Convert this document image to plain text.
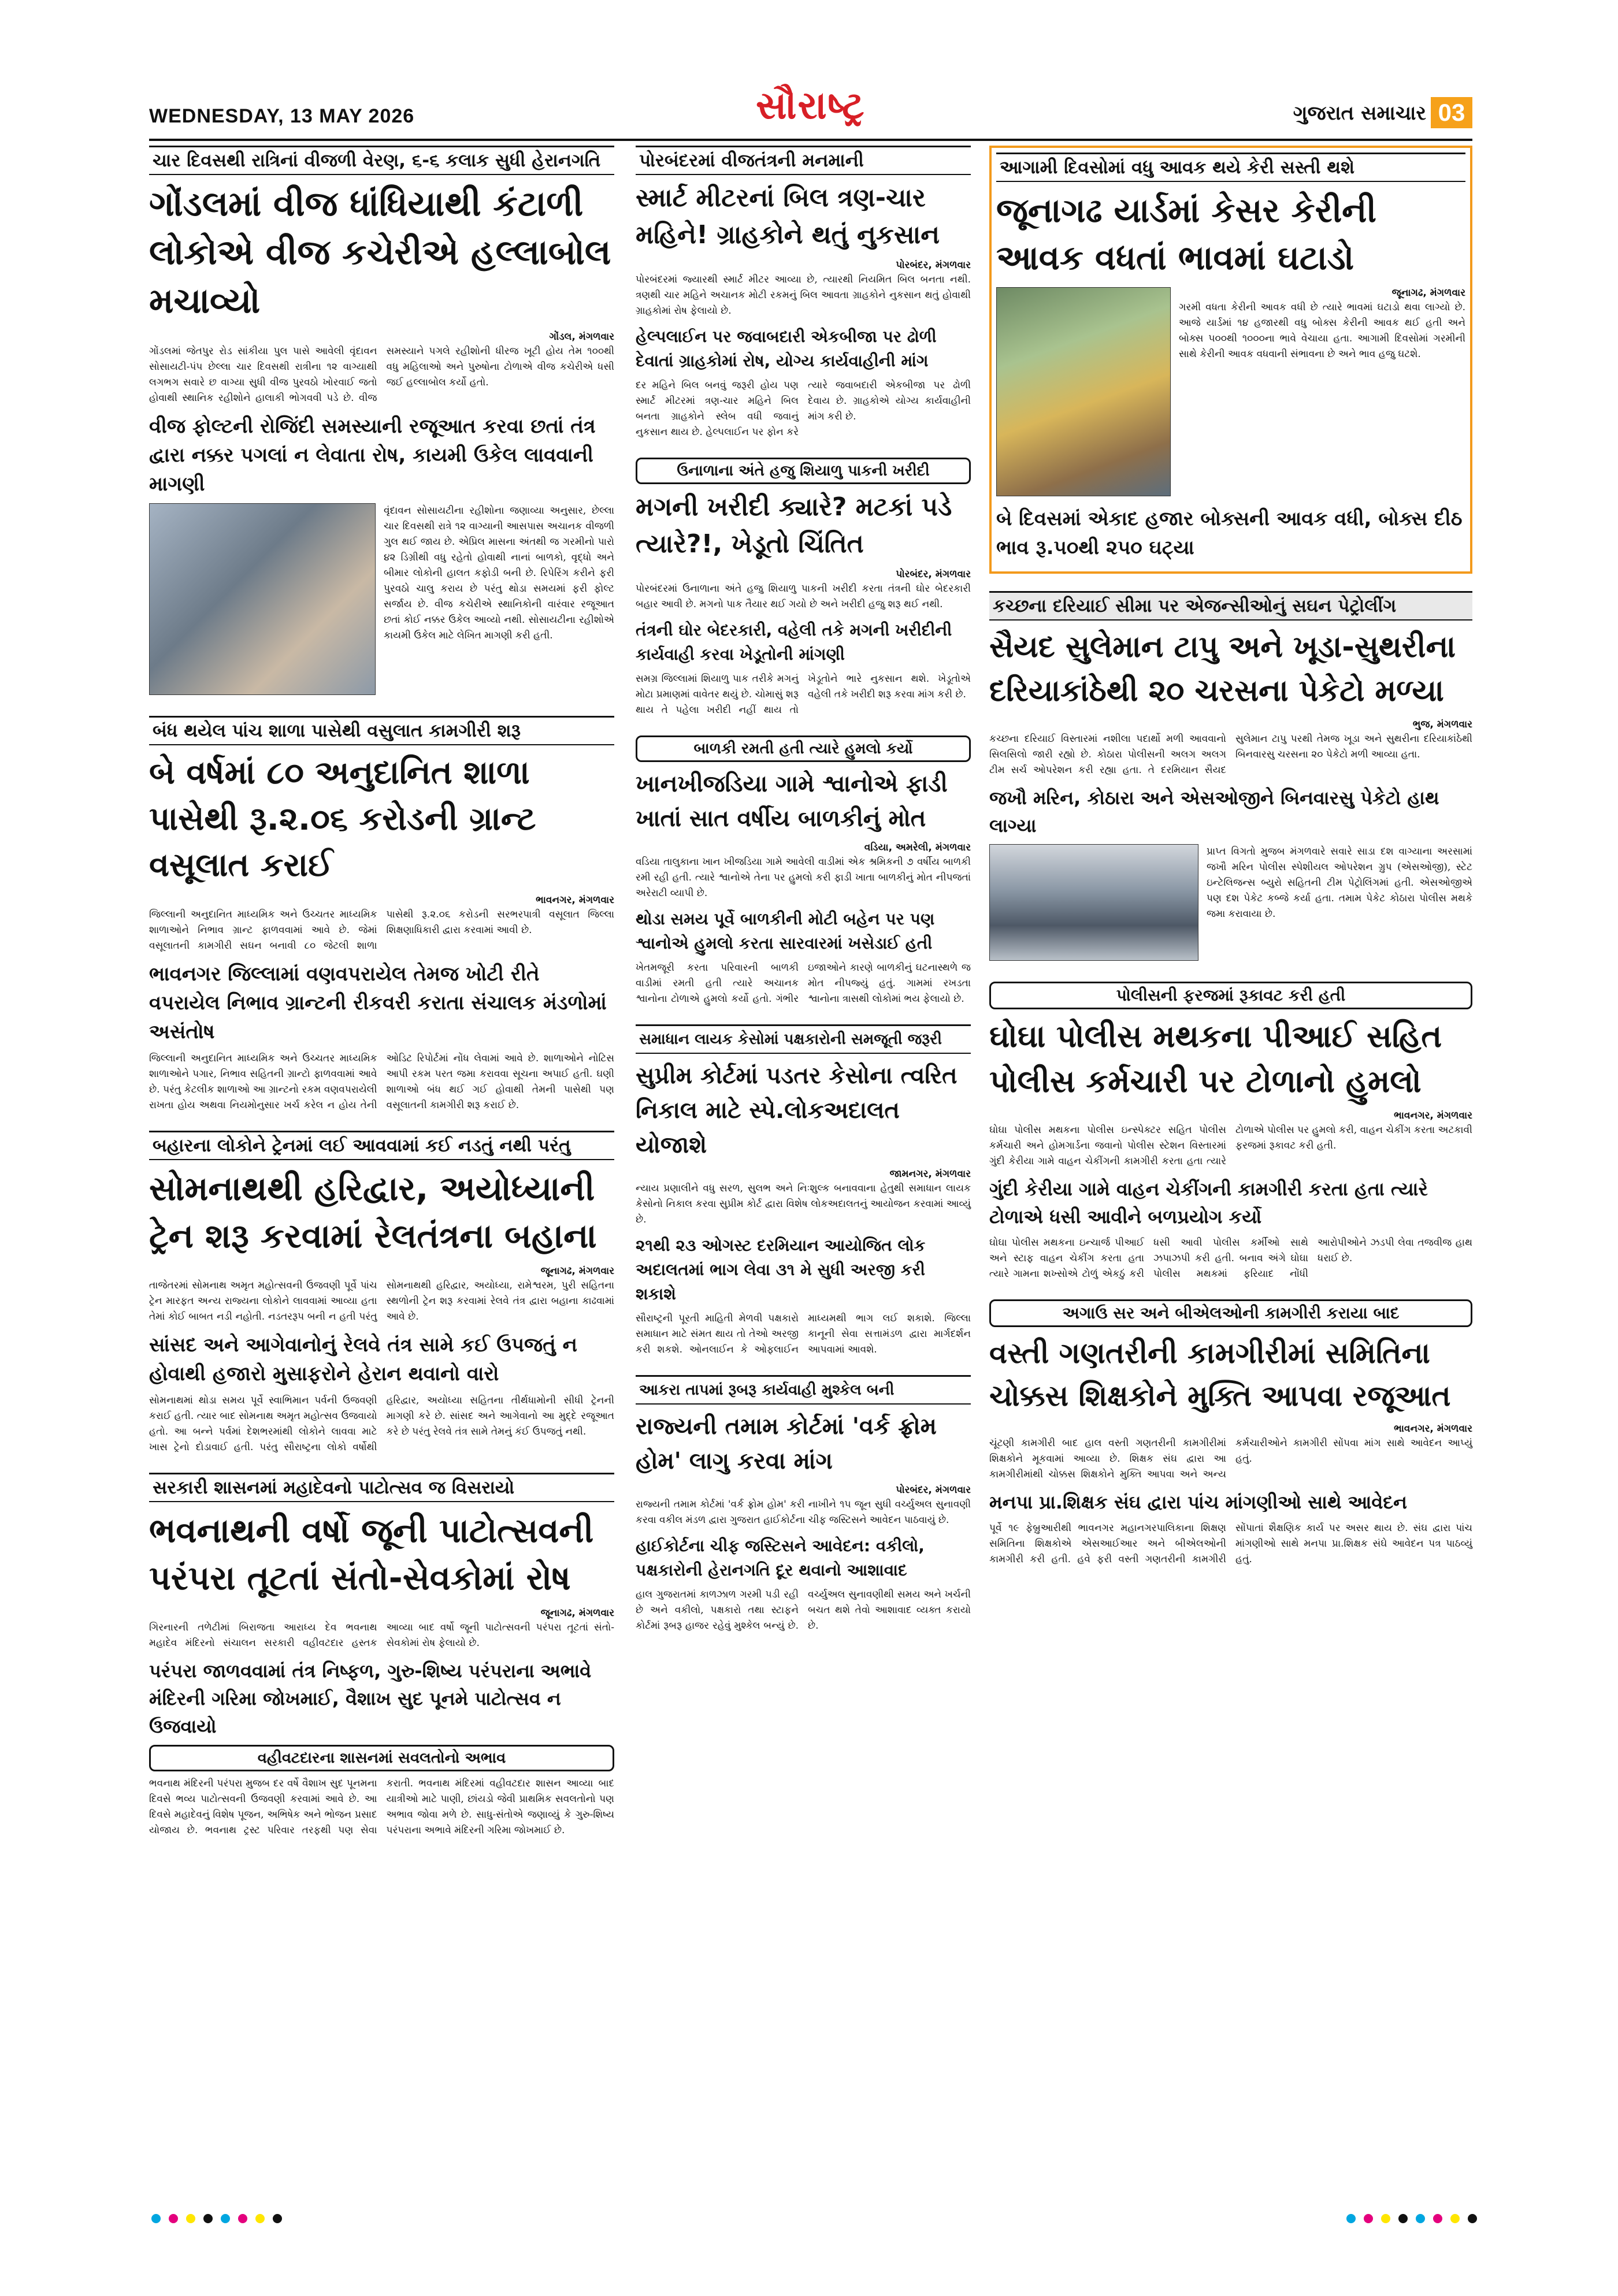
WEDNESDAY, 13 MAY 2026	સૌરાષ્ટ્ર	ગુજરાત સમાચાર 03
ચાર દિવસથી રાત્રિનાં વીજળી વેરણ, ૬-૬ કલાક સુધી હેરાનગતિ
ગોંડલમાં વીજ ધાંધિયાથી કંટાળી લોકોએ વીજ કચેરીએ હલ્લાબોલ મચાવ્યો
ગોંડલ, મંગળવાર
ગોંડલમાં જેતપુર રોડ સાંકીયા પુલ પાસે આવેલી વૃંદાવન સોસાયટી-પંપ છેલ્લા ચાર દિવસથી રાત્રીના ૧૨ વાગ્યાથી લગભગ સવારે છ વાગ્યા સુધી વીજ પુરવઠો ખોરવાઈ જતો હોવાથી સ્થાનિક રહીશોને હાલાકી ભોગવવી પડે છે. વીજ સમસ્યાને પગલે રહીશોની ધીરજ ખૂટી હોય તેમ ૧૦૦થી વધુ મહિલાઓ અને પુરુષોના ટોળાએ વીજ કચેરીએ ધસી જઈ હલ્લાબોલ કર્યો હતો.
વીજ ફોલ્ટની રોજિંદી સમસ્યાની રજૂઆત કરવા છતાં તંત્ર દ્વારા નક્કર પગલાં ન લેવાતા રોષ, કાયમી ઉકેલ લાવવાની માગણી
વૃંદાવન સોસાયટીના રહીશોના જણાવ્યા અનુસાર, છેલ્લા ચાર દિવસથી રાત્રે ૧૨ વાગ્યાની આસપાસ અચાનક વીજળી ગુલ થઈ જાય છે. એપ્રિલ માસના અંતથી જ ગરમીનો પારો ૪૨ ડિગ્રીથી વધુ રહેતો હોવાથી નાનાં બાળકો, વૃદ્ધો અને બીમાર લોકોની હાલત કફોડી બની છે. રિપેરિંગ કરીને ફરી પુરવઠો ચાલુ કરાય છે પરંતુ થોડા સમયમાં ફરી ફોલ્ટ સર્જાય છે. વીજ કચેરીએ સ્થાનિકોની વારંવાર રજૂઆત છતાં કોઈ નક્કર ઉકેલ આવ્યો નથી. સોસાયટીના રહીશોએ કાયમી ઉકેલ માટે લેખિત માગણી કરી હતી.
બંધ થયેલ પાંચ શાળા પાસેથી વસુલાત કામગીરી શરૂ
બે વર્ષમાં ૮૦ અનુદાનિત શાળા પાસેથી રૂ.૨.૦૬ કરોડની ગ્રાન્ટ વસૂલાત કરાઈ
ભાવનગર, મંગળવાર
જિલ્લાની અનુદાનિત માધ્યમિક અને ઉચ્ચતર માધ્યમિક શાળાઓને નિભાવ ગ્રાન્ટ ફાળવવામાં આવે છે. જેમાં વસૂલાતની કામગીરી સઘન બનાવી ૮૦ જેટલી શાળા પાસેથી રૂ.૨.૦૬ કરોડની સરભરપાત્રી વસૂલાત જિલ્લા શિક્ષણાધિકારી દ્વારા કરવામાં આવી છે.
ભાવનગર જિલ્લામાં વણવપરાયેલ તેમજ ખોટી રીતે વપરાયેલ નિભાવ ગ્રાન્ટની રીકવરી કરાતા સંચાલક મંડળોમાં અસંતોષ
જિલ્લાની અનુદાનિત માધ્યમિક અને ઉચ્ચતર માધ્યમિક શાળાઓને પગાર, નિભાવ સહિતની ગ્રાન્ટો ફાળવવામાં આવે છે. પરંતુ કેટલીક શાળાઓ આ ગ્રાન્ટનો રકમ વણવપરાયેલી રાખતા હોય અથવા નિયમોનુસાર ખર્ચ કરેલ ન હોય તેની ઓડિટ રિપોર્ટમાં નોંધ લેવામાં આવે છે. શાળાઓને નોટિસ આપી રકમ પરત જમા કરાવવા સૂચના અપાઈ હતી. ઘણી શાળાઓ બંધ થઈ ગઈ હોવાથી તેમની પાસેથી પણ વસૂલાતની કામગીરી શરૂ કરાઈ છે.
બહારના લોકોને ટ્રેનમાં લઈ આવવામાં કઈ નડતું નથી પરંતુ
સોમનાથથી હરિદ્વાર, અયોધ્યાની ટ્રેન શરૂ કરવામાં રેલતંત્રના બહાના
જૂનાગઢ, મંગળવાર
તાજેતરમાં સોમનાથ અમૃત મહોત્સવની ઉજવણી પૂર્વે પાંચ ટ્રેન મારફત અન્ય રાજ્યના લોકોને લાવવામાં આવ્યા હતા તેમાં કોઈ બાબત નડી નહોતી. નડતરરૂપ બની ન હતી પરંતુ સોમનાથથી હરિદ્વાર, અયોધ્યા, રામેશ્વરમ, પુરી સહિતના સ્થળોની ટ્રેન શરૂ કરવામાં રેલવે તંત્ર દ્વારા બહાના કાઢવામાં આવે છે.
સાંસદ અને આગેવાનોનું રેલવે તંત્ર સામે કઈ ઉપજતું ન હોવાથી હજારો મુસાફરોને હેરાન થવાનો વારો
સોમનાથમાં થોડા સમય પૂર્વે સ્વાભિમાન પર્વની ઉજવણી કરાઈ હતી. ત્યાર બાદ સોમનાથ અમૃત મહોત્સવ ઉજવાયો હતો. આ બન્ને પર્વમાં દેશભરમાંથી લોકોને લાવવા માટે ખાસ ટ્રેનો દોડાવાઈ હતી. પરંતુ સૌરાષ્ટ્રના લોકો વર્ષોથી હરિદ્વાર, અયોધ્યા સહિતના તીર્થધામોની સીધી ટ્રેનની માગણી કરે છે. સાંસદ અને આગેવાનો આ મુદ્દે રજૂઆત કરે છે પરંતુ રેલવે તંત્ર સામે તેમનું કંઈ ઉપજતું નથી.
સરકારી શાસનમાં મહાદેવનો પાટોત્સવ જ વિસરાયો
ભવનાથની વર્ષો જૂની પાટોત્સવની પરંપરા તૂટતાં સંતો-સેવકોમાં રોષ
જૂનાગઢ, મંગળવાર
ગિરનારની તળેટીમાં બિરાજતા આરાધ્ય દેવ ભવનાથ મહાદેવ મંદિરનો સંચાલન સરકારી વહીવટદાર હસ્તક આવ્યા બાદ વર્ષો જૂની પાટોત્સવની પરંપરા તૂટતાં સંતો-સેવકોમાં રોષ ફેલાયો છે.
પરંપરા જાળવવામાં તંત્ર નિષ્ફળ, ગુરુ-શિષ્ય પરંપરાના અભાવે મંદિરની ગરિમા જોખમાઈ, વૈશાખ સુદ પૂનમે પાટોત્સવ ન ઉજવાયો
વહીવટદારના શાસનમાં સવલતોનો અભાવ
ભવનાથ મંદિરની પરંપરા મુજબ દર વર્ષે વૈશાખ સુદ પૂનમના દિવસે ભવ્ય પાટોત્સવની ઉજવણી કરવામાં આવે છે. આ દિવસે મહાદેવનું વિશેષ પૂજન, અભિષેક અને ભોજન પ્રસાદ યોજાય છે. ભવનાથ ટ્રસ્ટ પરિવાર તરફથી પણ સેવા કરાતી. ભવનાથ મંદિરમાં વહીવટદાર શાસન આવ્યા બાદ યાત્રીઓ માટે પાણી, છાંયડો જેવી પ્રાથમિક સવલતોનો પણ અભાવ જોવા મળે છે. સાધુ-સંતોએ જણાવ્યું કે ગુરુ-શિષ્ય પરંપરાના અભાવે મંદિરની ગરિમા જોખમાઈ છે.
પોરબંદરમાં વીજતંત્રની મનમાની
સ્માર્ટ મીટરનાં બિલ ત્રણ-ચાર મહિને! ગ્રાહકોને થતું નુકસાન
પોરબંદર, મંગળવાર
પોરબંદરમાં જ્યારથી સ્માર્ટ મીટર આવ્યા છે, ત્યારથી નિયમિત બિલ બનતા નથી. ત્રણથી ચાર મહિને અચાનક મોટી રકમનું બિલ આવતા ગ્રાહકોને નુકસાન થતું હોવાથી ગ્રાહકોમાં રોષ ફેલાયો છે.
હેલ્પલાઈન પર જવાબદારી એકબીજા પર ઢોળી દેવાતાં ગ્રાહકોમાં રોષ, યોગ્ય કાર્યવાહીની માંગ
દર મહિને બિલ બનવું જરૂરી હોય પણ સ્માર્ટ મીટરમાં ત્રણ-ચાર મહિને બિલ બનતા ગ્રાહકોને સ્લેબ વધી જવાનું નુકસાન થાય છે. હેલ્પલાઈન પર ફોન કરે ત્યારે જવાબદારી એકબીજા પર ઢોળી દેવાય છે. ગ્રાહકોએ યોગ્ય કાર્યવાહીની માંગ કરી છે.
ઉનાળાના અંતે હજુ શિયાળુ પાકની ખરીદી
મગની ખરીદી ક્યારે? મટકાં પડે ત્યારે?!, ખેડૂતો ચિંતિત
પોરબંદર, મંગળવાર
પોરબંદરમાં ઉનાળાના અંતે હજુ શિયાળુ પાકની ખરીદી કરતા તંત્રની ઘોર બેદરકારી બહાર આવી છે. મગનો પાક તૈયાર થઈ ગયો છે અને ખરીદી હજુ શરૂ થઈ નથી.
તંત્રની ઘોર બેદરકારી, વહેલી તકે મગની ખરીદીની કાર્યવાહી કરવા ખેડૂતોની માંગણી
સમગ્ર જિલ્લામાં શિયાળુ પાક તરીકે મગનું મોટા પ્રમાણમાં વાવેતર થયું છે. ચોમાસું શરૂ થાય તે પહેલા ખરીદી નહીં થાય તો ખેડૂતોને ભારે નુકસાન થશે. ખેડૂતોએ વહેલી તકે ખરીદી શરૂ કરવા માંગ કરી છે.
બાળકી રમતી હતી ત્યારે હુમલો કર્યો
ખાનખીજડિયા ગામે શ્વાનોએ ફાડી ખાતાં સાત વર્ષીય બાળકીનું મોત
વડિયા, અમરેલી, મંગળવાર
વડિયા તાલુકાના ખાન ખીજડિયા ગામે આવેલી વાડીમાં એક શ્રમિકની ૭ વર્ષીય બાળકી રમી રહી હતી. ત્યારે શ્વાનોએ તેના પર હુમલો કરી ફાડી ખાતા બાળકીનું મોત નીપજતાં અરેરાટી વ્યાપી છે.
થોડા સમય પૂર્વે બાળકીની મોટી બહેન પર પણ શ્વાનોએ હુમલો કરતા સારવારમાં ખસેડાઈ હતી
ખેતમજૂરી કરતા પરિવારની બાળકી વાડીમાં રમતી હતી ત્યારે અચાનક શ્વાનોના ટોળાએ હુમલો કર્યો હતો. ગંભીર ઇજાઓને કારણે બાળકીનું ઘટનાસ્થળે જ મોત નીપજ્યું હતું. ગામમાં રખડતા શ્વાનોના ત્રાસથી લોકોમાં ભય ફેલાયો છે.
સમાધાન લાયક કેસોમાં પક્ષકારોની સમજૂતી જરૂરી
સુપ્રીમ કોર્ટમાં પડતર કેસોના ત્વરિત નિકાલ માટે સ્પે.લોકઅદાલત યોજાશે
જામનગર, મંગળવાર
ન્યાય પ્રણાલીને વધુ સરળ, સુલભ અને નિઃશુલ્ક બનાવવાના હેતુથી સમાધાન લાયક કેસોનો નિકાલ કરવા સુપ્રીમ કોર્ટ દ્વારા વિશેષ લોકઅદાલતનું આયોજન કરવામાં આવ્યું છે.
૨૧થી ૨૩ ઓગસ્ટ દરમિયાન આયોજિત લોક અદાલતમાં ભાગ લેવા ૩૧ મે સુધી અરજી કરી શકાશે
સૌરાષ્ટ્રની પૂરતી માહિતી મેળવી પક્ષકારો સમાધાન માટે સંમત થાય તો તેઓ અરજી કરી શકશે. ઓનલાઈન કે ઓફલાઈન માધ્યમથી ભાગ લઈ શકાશે. જિલ્લા કાનૂની સેવા સત્તામંડળ દ્વારા માર્ગદર્શન આપવામાં આવશે.
આકરા તાપમાં રૂબરૂ કાર્યવાહી મુશ્કેલ બની
રાજ્યની તમામ કોર્ટમાં 'વર્ક ફ્રોમ હોમ' લાગુ કરવા માંગ
પોરબંદર, મંગળવાર
રાજ્યની તમામ કોર્ટમાં 'વર્ક ફ્રોમ હોમ' કરી નાખીને ૧૫ જૂન સુધી વર્ચ્યુઅલ સુનાવણી કરવા વકીલ મંડળ દ્વારા ગુજરાત હાઈકોર્ટના ચીફ જસ્ટિસને આવેદન પાઠવાયું છે.
હાઈકોર્ટના ચીફ જસ્ટિસને આવેદન: વકીલો, પક્ષકારોની હેરાનગતિ દૂર થવાનો આશાવાદ
હાલ ગુજરાતમાં કાળઝાળ ગરમી પડી રહી છે અને વકીલો, પક્ષકારો તથા સ્ટાફને કોર્ટમાં રૂબરૂ હાજર રહેવું મુશ્કેલ બન્યું છે. વર્ચ્યુઅલ સુનાવણીથી સમય અને ખર્ચની બચત થશે તેવો આશાવાદ વ્યક્ત કરાયો છે.
આગામી દિવસોમાં વધુ આવક થયે કેરી સસ્તી થશે
જૂનાગઢ યાર્ડમાં કેસર કેરીની આવક વધતાં ભાવમાં ઘટાડો
જૂનાગઢ, મંગળવાર
ગરમી વધતા કેરીની આવક વધી છે ત્યારે ભાવમાં ઘટાડો થવા લાગ્યો છે. આજે યાર્ડમાં ૧૪ હજારથી વધુ બોક્સ કેરીની આવક થઈ હતી અને બોક્સ ૫૦૦થી ૧૦૦૦ના ભાવે વેચાયા હતા. આગામી દિવસોમાં ગરમીની સાથે કેરીની આવક વધવાની સંભાવના છે અને ભાવ હજુ ઘટશે.
બે દિવસમાં એકાદ હજાર બોક્સની આવક વધી, બોક્સ દીઠ ભાવ રૂ.૫૦થી ૨૫૦ ઘટ્યા
કચ્છના દરિયાઈ સીમા પર એજન્સીઓનું સઘન પેટ્રોલીંગ
સૈયદ સુલેમાન ટાપુ અને ખૂડા-સુથરીના દરિયાકાંઠેથી ૨૦ ચરસના પેકેટો મળ્યા
ભુજ, મંગળવાર
કચ્છના દરિયાઈ વિસ્તારમાં નશીલા પદાર્થો મળી આવવાનો સિલસિલો જારી રહ્યો છે. કોઠારા પોલીસની અલગ અલગ ટીમ સર્ચ ઓપરેશન કરી રહ્યા હતા. તે દરમિયાન સૈયદ સુલેમાન ટાપુ પરથી તેમજ ખૂડા અને સુથરીના દરિયાકાંઠેથી બિનવારસુ ચરસના ૨૦ પેકેટો મળી આવ્યા હતા.
જખૌ મરિન, કોઠારા અને એસઓજીને બિનવારસુ પેકેટો હાથ લાગ્યા
પ્રાપ્ત વિગતો મુજબ મંગળવારે સવારે સાડા દશ વાગ્યાના અરસામાં જખૌ મરિન પોલીસ સ્પેશીયલ ઓપરેશન ગ્રુપ (એસઓજી), સ્ટેટ ઇન્ટેલિજન્સ બ્યુરો સહિતની ટીમ પેટ્રોલિંગમાં હતી. એસઓજીએ પણ દશ પેકેટ કબ્જે કર્યા હતા. તમામ પેકેટ કોઠારા પોલીસ મથકે જમા કરાવાયા છે.
પોલીસની ફરજમાં રૂકાવટ કરી હતી
ઘોઘા પોલીસ મથકના પીઆઈ સહિત પોલીસ કર્મચારી પર ટોળાનો હુમલો
ભાવનગર, મંગળવાર
ઘોઘા પોલીસ મથકના પોલીસ ઇન્સ્પેક્ટર સહિત પોલીસ કર્મચારી અને હોમગાર્ડના જવાનો પોલીસ સ્ટેશન વિસ્તારમાં ગુંદી કેરીયા ગામે વાહન ચેકીંગની કામગીરી કરતા હતા ત્યારે ટોળાએ પોલીસ પર હુમલો કરી, વાહન ચેકીંગ કરતા અટકાવી ફરજમાં રૂકાવટ કરી હતી.
ગુંદી કેરીયા ગામે વાહન ચેકીંગની કામગીરી કરતા હતા ત્યારે ટોળાએ ધસી આવીને બળપ્રયોગ કર્યો
ઘોઘા પોલીસ મથકના ઇન્ચાર્જ પીઆઈ અને સ્ટાફ વાહન ચેકીંગ કરતા હતા ત્યારે ગામના શખ્સોએ ટોળું એકઠું કરી ધસી આવી પોલીસ કર્મીઓ સાથે ઝપાઝપી કરી હતી. બનાવ અંગે ઘોઘા પોલીસ મથકમાં ફરિયાદ નોંધી આરોપીઓને ઝડપી લેવા તજવીજ હાથ ધરાઈ છે.
અગાઉ સર અને બીએલઓની કામગીરી કરાયા બાદ
વસ્તી ગણતરીની કામગીરીમાં સમિતિના ચોક્કસ શિક્ષકોને મુક્તિ આપવા રજૂઆત
ભાવનગર, મંગળવાર
ચૂંટણી કામગીરી બાદ હાલ વસ્તી ગણતરીની કામગીરીમાં શિક્ષકોને મૂકવામાં આવ્યા છે. શિક્ષક સંઘ દ્વારા આ કામગીરીમાંથી ચોક્કસ શિક્ષકોને મુક્તિ આપવા અને અન્ય કર્મચારીઓને કામગીરી સોંપવા માંગ સાથે આવેદન આપ્યું હતું.
મનપા પ્રા.શિક્ષક સંઘ દ્વારા પાંચ માંગણીઓ સાથે આવેદન
પૂર્વે ૧૯ ફેબ્રુઆરીથી ભાવનગર મહાનગરપાલિકાના શિક્ષણ સમિતિના શિક્ષકોએ એસઆઈઆર અને બીએલઓની કામગીરી કરી હતી. હવે ફરી વસ્તી ગણતરીની કામગીરી સોંપાતાં શૈક્ષણિક કાર્ય પર અસર થાય છે. સંઘ દ્વારા પાંચ માંગણીઓ સાથે મનપા પ્રા.શિક્ષક સંઘે આવેદન પત્ર પાઠવ્યું હતું.
